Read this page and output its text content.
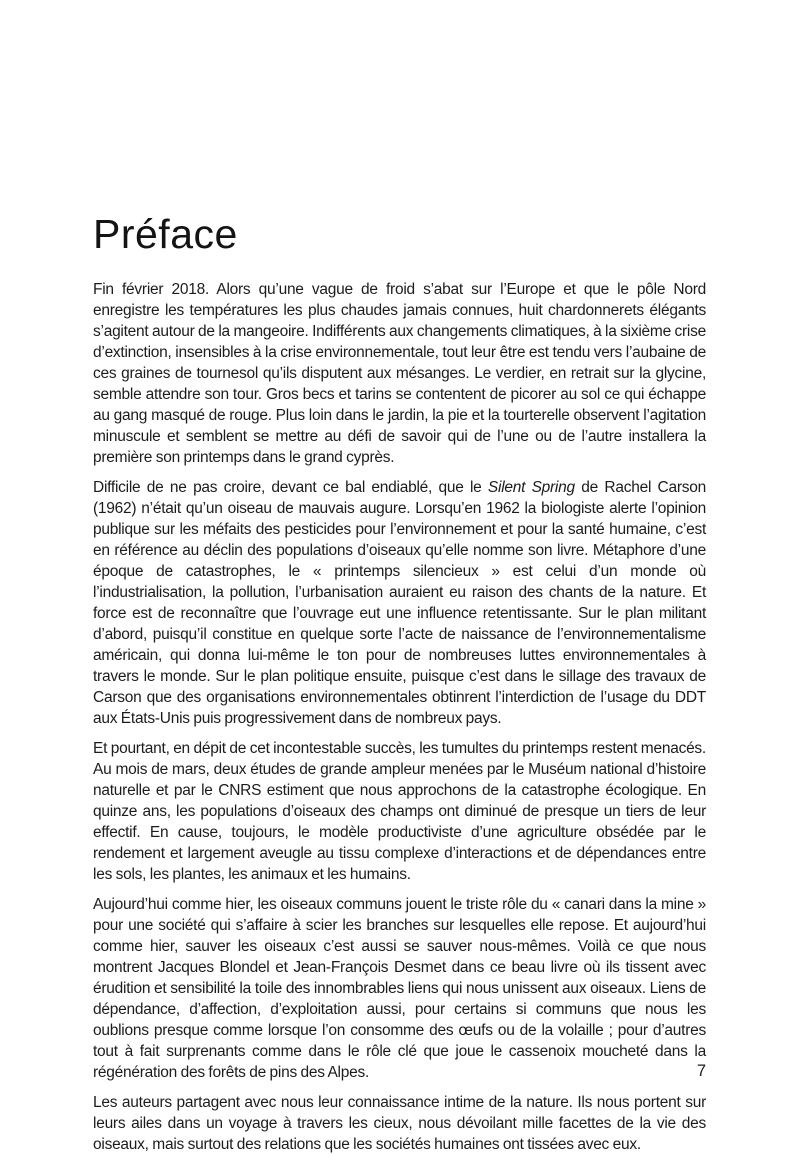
Préface

Fin février 2018. Alors qu’une vague de froid s’abat sur l’Europe et que le pôle Nord enregistre les températures les plus chaudes jamais connues, huit chardonnerets élégants s’agitent autour de la mangeoire. Indifférents aux changements climatiques, à la sixième crise d’extinction, insensibles à la crise environnementale, tout leur être est tendu vers l’aubaine de ces graines de tournesol qu’ils disputent aux mésanges. Le verdier, en retrait sur la glycine, semble attendre son tour. Gros becs et tarins se contentent de picorer au sol ce qui échappe au gang masqué de rouge. Plus loin dans le jardin, la pie et la tourterelle observent l’agitation minuscule et semblent se mettre au défi de savoir qui de l’une ou de l’autre installera la première son printemps dans le grand cyprès.

Difficile de ne pas croire, devant ce bal endiablé, que le Silent Spring de Rachel Carson (1962) n’était qu’un oiseau de mauvais augure. Lorsqu’en 1962 la biologiste alerte l’opinion publique sur les méfaits des pesticides pour l’environnement et pour la santé humaine, c’est en référence au déclin des populations d’oiseaux qu’elle nomme son livre. Métaphore d’une époque de catastrophes, le « printemps silencieux » est celui d’un monde où l’industrialisation, la pollution, l’urbanisation auraient eu raison des chants de la nature. Et force est de reconnaître que l’ouvrage eut une influence retentissante. Sur le plan militant d’abord, puisqu’il constitue en quelque sorte l’acte de naissance de l’environnementalisme américain, qui donna lui-même le ton pour de nombreuses luttes environnementales à travers le monde. Sur le plan politique ensuite, puisque c’est dans le sillage des travaux de Carson que des organisations environnementales obtinrent l’interdiction de l’usage du DDT aux États-Unis puis progressivement dans de nombreux pays.

Et pourtant, en dépit de cet incontestable succès, les tumultes du printemps restent menacés. Au mois de mars, deux études de grande ampleur menées par le Muséum national d’histoire naturelle et par le CNRS estiment que nous approchons de la catastrophe écologique. En quinze ans, les populations d’oiseaux des champs ont diminué de presque un tiers de leur effectif. En cause, toujours, le modèle productiviste d’une agriculture obsédée par le rendement et largement aveugle au tissu complexe d’interactions et de dépendances entre les sols, les plantes, les animaux et les humains.

Aujourd’hui comme hier, les oiseaux communs jouent le triste rôle du « canari dans la mine » pour une société qui s’affaire à scier les branches sur lesquelles elle repose. Et aujourd’hui comme hier, sauver les oiseaux c’est aussi se sauver nous-mêmes. Voilà ce que nous montrent Jacques Blondel et Jean-François Desmet dans ce beau livre où ils tissent avec érudition et sensibilité la toile des innombrables liens qui nous unissent aux oiseaux. Liens de dépendance, d’affection, d’exploitation aussi, pour certains si communs que nous les oublions presque comme lorsque l’on consomme des œufs ou de la volaille ; pour d’autres tout à fait surprenants comme dans le rôle clé que joue le cassenoix moucheté dans la régénération des forêts de pins des Alpes.

Les auteurs partagent avec nous leur connaissance intime de la nature. Ils nous portent sur leurs ailes dans un voyage à travers les cieux, nous dévoilant mille facettes de la vie des oiseaux, mais surtout des relations que les sociétés humaines ont tissées avec eux.

7
